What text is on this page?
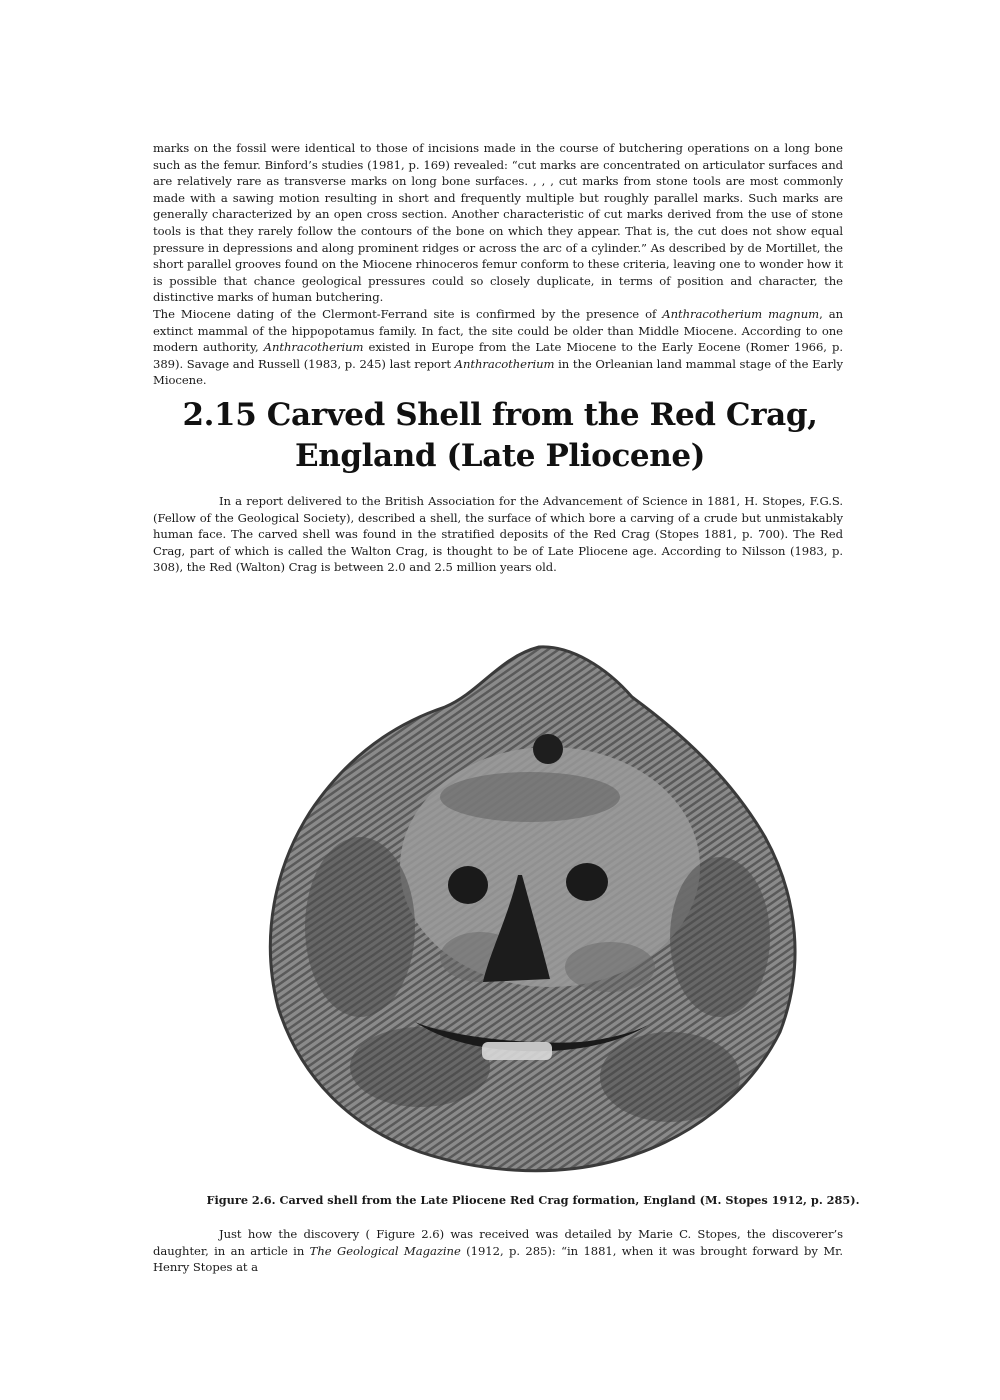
marks on the fossil were identical to those of incisions made in the course of butchering operations on a long bone such as the femur. Binford’s studies (1981, p. 169) revealed: “cut marks are concentrated on articulator surfaces and are relatively rare as transverse marks on long bone surfaces. , , , cut marks from stone tools are most commonly made with a sawing motion resulting in short and frequently multiple but roughly parallel marks. Such marks are generally characterized by an open cross section. Another characteristic of cut marks derived from the use of stone tools is that they rarely follow the contours of the bone on which they appear. That is, the cut does not show equal pressure in depressions and along prominent ridges or across the arc of a cylinder.” As described by de Mortillet, the short parallel grooves found on the Miocene rhinoceros femur conform to these criteria, leaving one to wonder how it is possible that chance geological pressures could so closely duplicate, in terms of position and character, the distinctive marks of human butchering.

The Miocene dating of the Clermont-Ferrand site is confirmed by the presence of Anthracotherium magnum, an extinct mammal of the hippopotamus family. In fact, the site could be older than Middle Miocene. According to one modern authority, Anthracotherium existed in Europe from the Late Miocene to the Early Eocene (Romer 1966, p. 389). Savage and Russell (1983, p. 245) last report Anthracotherium in the Orleanian land mammal stage of the Early Miocene.

2.15 Carved Shell from the Red Crag,
England (Late Pliocene)

In a report delivered to the British Association for the Advancement of Science in 1881, H. Stopes, F.G.S. (Fellow of the Geological Society), described a shell, the surface of which bore a carving of a crude but unmistakably human face. The carved shell was found in the stratified deposits of the Red Crag (Stopes 1881, p. 700). The Red Crag, part of which is called the Walton Crag, is thought to be of Late Pliocene age. According to Nilsson (1983, p. 308), the Red (Walton) Crag is between 2.0 and 2.5 million years old.

Figure 2.6. Carved shell from the Late Pliocene Red Crag formation, England (M. Stopes 1912, p. 285).

Just how the discovery ( Figure 2.6) was received was detailed by Marie C. Stopes, the discoverer’s daughter, in an article in The Geological Magazine (1912, p. 285): “in 1881, when it was brought forward by Mr. Henry Stopes at a
